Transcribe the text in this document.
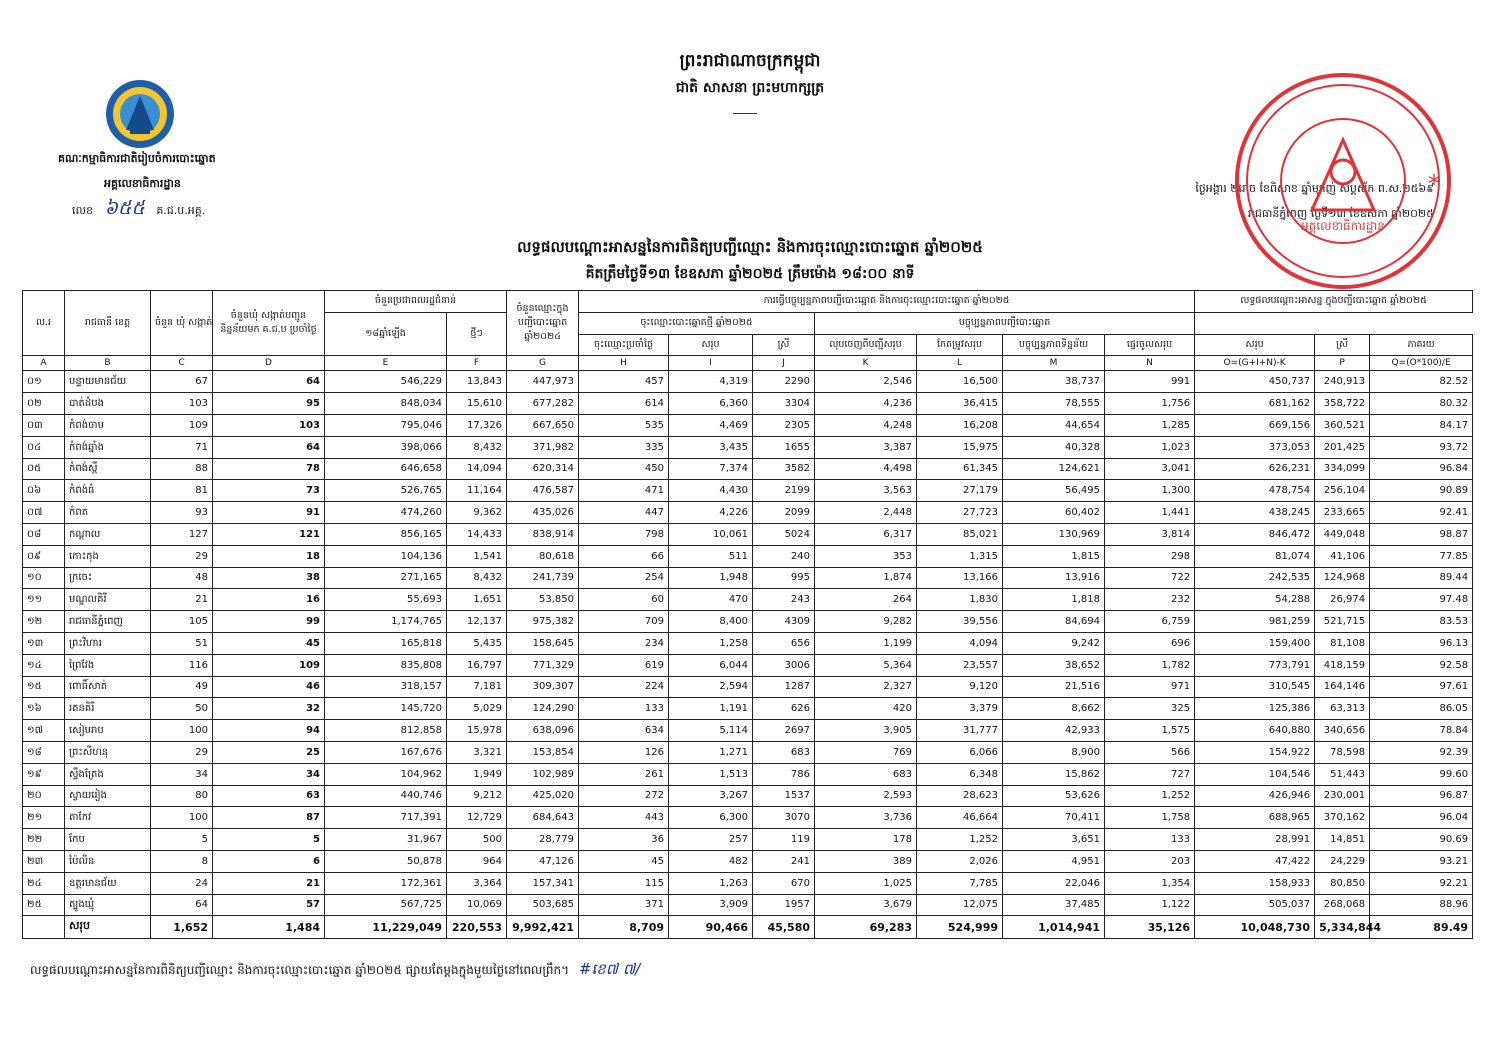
ព្រះរាជាណាចក្រកម្ពុជា
ជាតិ សាសនា ព្រះមហាក្សត្រ
គណៈកម្មាធិការជាតិរៀបចំការបោះឆ្នោត
អគ្គលេខាធិការដ្ឋាន
លេខ ៦៥៥ គ.ជ.ប.អគ្គ.
ថ្ងៃអង្គារ ២រោច ខែពិសាខ ឆ្នាំម្សាញ់ សប្តស័ក ព.ស.២៥៦៩
រាជធានីភ្នំពេញ ថ្ងៃទី១៣ ខែឧសភា ឆ្នាំ២០២៥
*
អគ្គលេខាធិការដ្ឋាន
លទ្ធផលបណ្ដោះអាសន្ននៃការពិនិត្យបញ្ជីឈ្មោះ និងការចុះឈ្មោះបោះឆ្នោត ឆ្នាំ២០២៥
គិតត្រឹមថ្ងៃទី១៣ ខែឧសភា ឆ្នាំ២០២៥ ត្រឹមម៉ោង ១៨:០០ នាទី
ល.រ	រាជធានី ខេត្ត	ចំនួន ឃុំ សង្កាត់	ចំនួនឃុំ សង្កាត់បញ្ជូន និន្នន័យមក គ.ជ.ប ប្រចាំថ្ងៃ	ចំនួនប្រជាពលរដ្ឋជំនាន់		ចំនួនឈ្មោះក្នុង បញ្ជីបោះឆ្នោត ឆ្នាំ២០២៤	ការធ្វើបច្ចុប្បន្នភាពបញ្ជីបោះឆ្នោត និងការចុះឈ្មោះបោះឆ្នោត ឆ្នាំ២០២៥							លទ្ធផលបណ្ដោះអាសន្ន ក្នុងបញ្ជីបោះឆ្នោត ឆ្នាំ២០២៥		
				១៨ឆ្នាំឡើង	ថ្មីៗ		ចុះឈ្មោះបោះឆ្នោតថ្មី ឆ្នាំ២០២៥			បច្ចុប្បន្នភាពបញ្ជីបោះឆ្នោត						
							ចុះឈ្មោះប្រចាំថ្ងៃ	សរុប	ស្រី	លុបចេញពីបញ្ជីសរុប	កែតម្រូវសរុប	បច្ចុប្បន្នភាពទិន្នន័យ	ផ្ទេរចូលសរុប	សរុប	ស្រី	ភាគរយ
A	B	C	D	E	F	G	H	I	J	K	L	M	N	O=(G+I+N)-K	P	Q=(O*100)/E
០១	បន្ទាយមានជ័យ	67	64	546,229	13,843	447,973	457	4,319	2290	2,546	16,500	38,737	991	450,737	240,913	82.52
០២	បាត់ដំបង	103	95	848,034	15,610	677,282	614	6,360	3304	4,236	36,415	78,555	1,756	681,162	358,722	80.32
០៣	កំពង់ចាម	109	103	795,046	17,326	667,650	535	4,469	2305	4,248	16,208	44,654	1,285	669,156	360,521	84.17
០៤	កំពង់ឆ្នាំង	71	64	398,066	8,432	371,982	335	3,435	1655	3,387	15,975	40,328	1,023	373,053	201,425	93.72
០៥	កំពង់ស្ពឺ	88	78	646,658	14,094	620,314	450	7,374	3582	4,498	61,345	124,621	3,041	626,231	334,099	96.84
០៦	កំពង់ធំ	81	73	526,765	11,164	476,587	471	4,430	2199	3,563	27,179	56,495	1,300	478,754	256,104	90.89
០៧	កំពត	93	91	474,260	9,362	435,026	447	4,226	2099	2,448	27,723	60,402	1,441	438,245	233,665	92.41
០៨	កណ្ដាល	127	121	856,165	14,433	838,914	798	10,061	5024	6,317	85,021	130,969	3,814	846,472	449,048	98.87
០៩	កោះកុង	29	18	104,136	1,541	80,618	66	511	240	353	1,315	1,815	298	81,074	41,106	77.85
១០	ក្រចេះ	48	38	271,165	8,432	241,739	254	1,948	995	1,874	13,166	13,916	722	242,535	124,968	89.44
១១	មណ្ឌលគិរី	21	16	55,693	1,651	53,850	60	470	243	264	1,830	1,818	232	54,288	26,974	97.48
១២	រាជធានីភ្នំពេញ	105	99	1,174,765	12,137	975,382	709	8,400	4309	9,282	39,556	84,694	6,759	981,259	521,715	83.53
១៣	ព្រះវិហារ	51	45	165,818	5,435	158,645	234	1,258	656	1,199	4,094	9,242	696	159,400	81,108	96.13
១៤	ព្រៃវែង	116	109	835,808	16,797	771,329	619	6,044	3006	5,364	23,557	38,652	1,782	773,791	418,159	92.58
១៥	ពោធិ៍សាត់	49	46	318,157	7,181	309,307	224	2,594	1287	2,327	9,120	21,516	971	310,545	164,146	97.61
១៦	រតនគិរី	50	32	145,720	5,029	124,290	133	1,191	626	420	3,379	8,662	325	125,386	63,313	86.05
១៧	សៀមរាប	100	94	812,858	15,978	638,096	634	5,114	2697	3,905	31,777	42,933	1,575	640,880	340,656	78.84
១៨	ព្រះសីហនុ	29	25	167,676	3,321	153,854	126	1,271	683	769	6,066	8,900	566	154,922	78,598	92.39
១៩	ស្ទឹងត្រែង	34	34	104,962	1,949	102,989	261	1,513	786	683	6,348	15,862	727	104,546	51,443	99.60
២០	ស្វាយរៀង	80	63	440,746	9,212	425,020	272	3,267	1537	2,593	28,623	53,626	1,252	426,946	230,001	96.87
២១	តាកែវ	100	87	717,391	12,729	684,643	443	6,300	3070	3,736	46,664	70,411	1,758	688,965	370,162	96.04
២២	កែប	5	5	31,967	500	28,779	36	257	119	178	1,252	3,651	133	28,991	14,851	90.69
២៣	ប៉ៃលិន	8	6	50,878	964	47,126	45	482	241	389	2,026	4,951	203	47,422	24,229	93.21
២៤	ឧត្ដរមានជ័យ	24	21	172,361	3,364	157,341	115	1,263	670	1,025	7,785	22,046	1,354	158,933	80,850	92.21
២៥	ត្បូងឃ្មុំ	64	57	567,725	10,069	503,685	371	3,909	1957	3,679	12,075	37,485	1,122	505,037	268,068	88.96
	សរុប	1,652	1,484	11,229,049	220,553	9,992,421	8,709	90,466	45,580	69,283	524,999	1,014,941	35,126	10,048,730	5,334,844	89.49
លទ្ធផលបណ្ដោះអាសន្ននៃការពិនិត្យបញ្ជីឈ្មោះ និងការចុះឈ្មោះបោះឆ្នោត ឆ្នាំ២០២៥ ផ្សាយតែម្តងក្នុងមួយថ្ងៃនៅពេលព្រឹក។ #ខេ៧ ៧/
